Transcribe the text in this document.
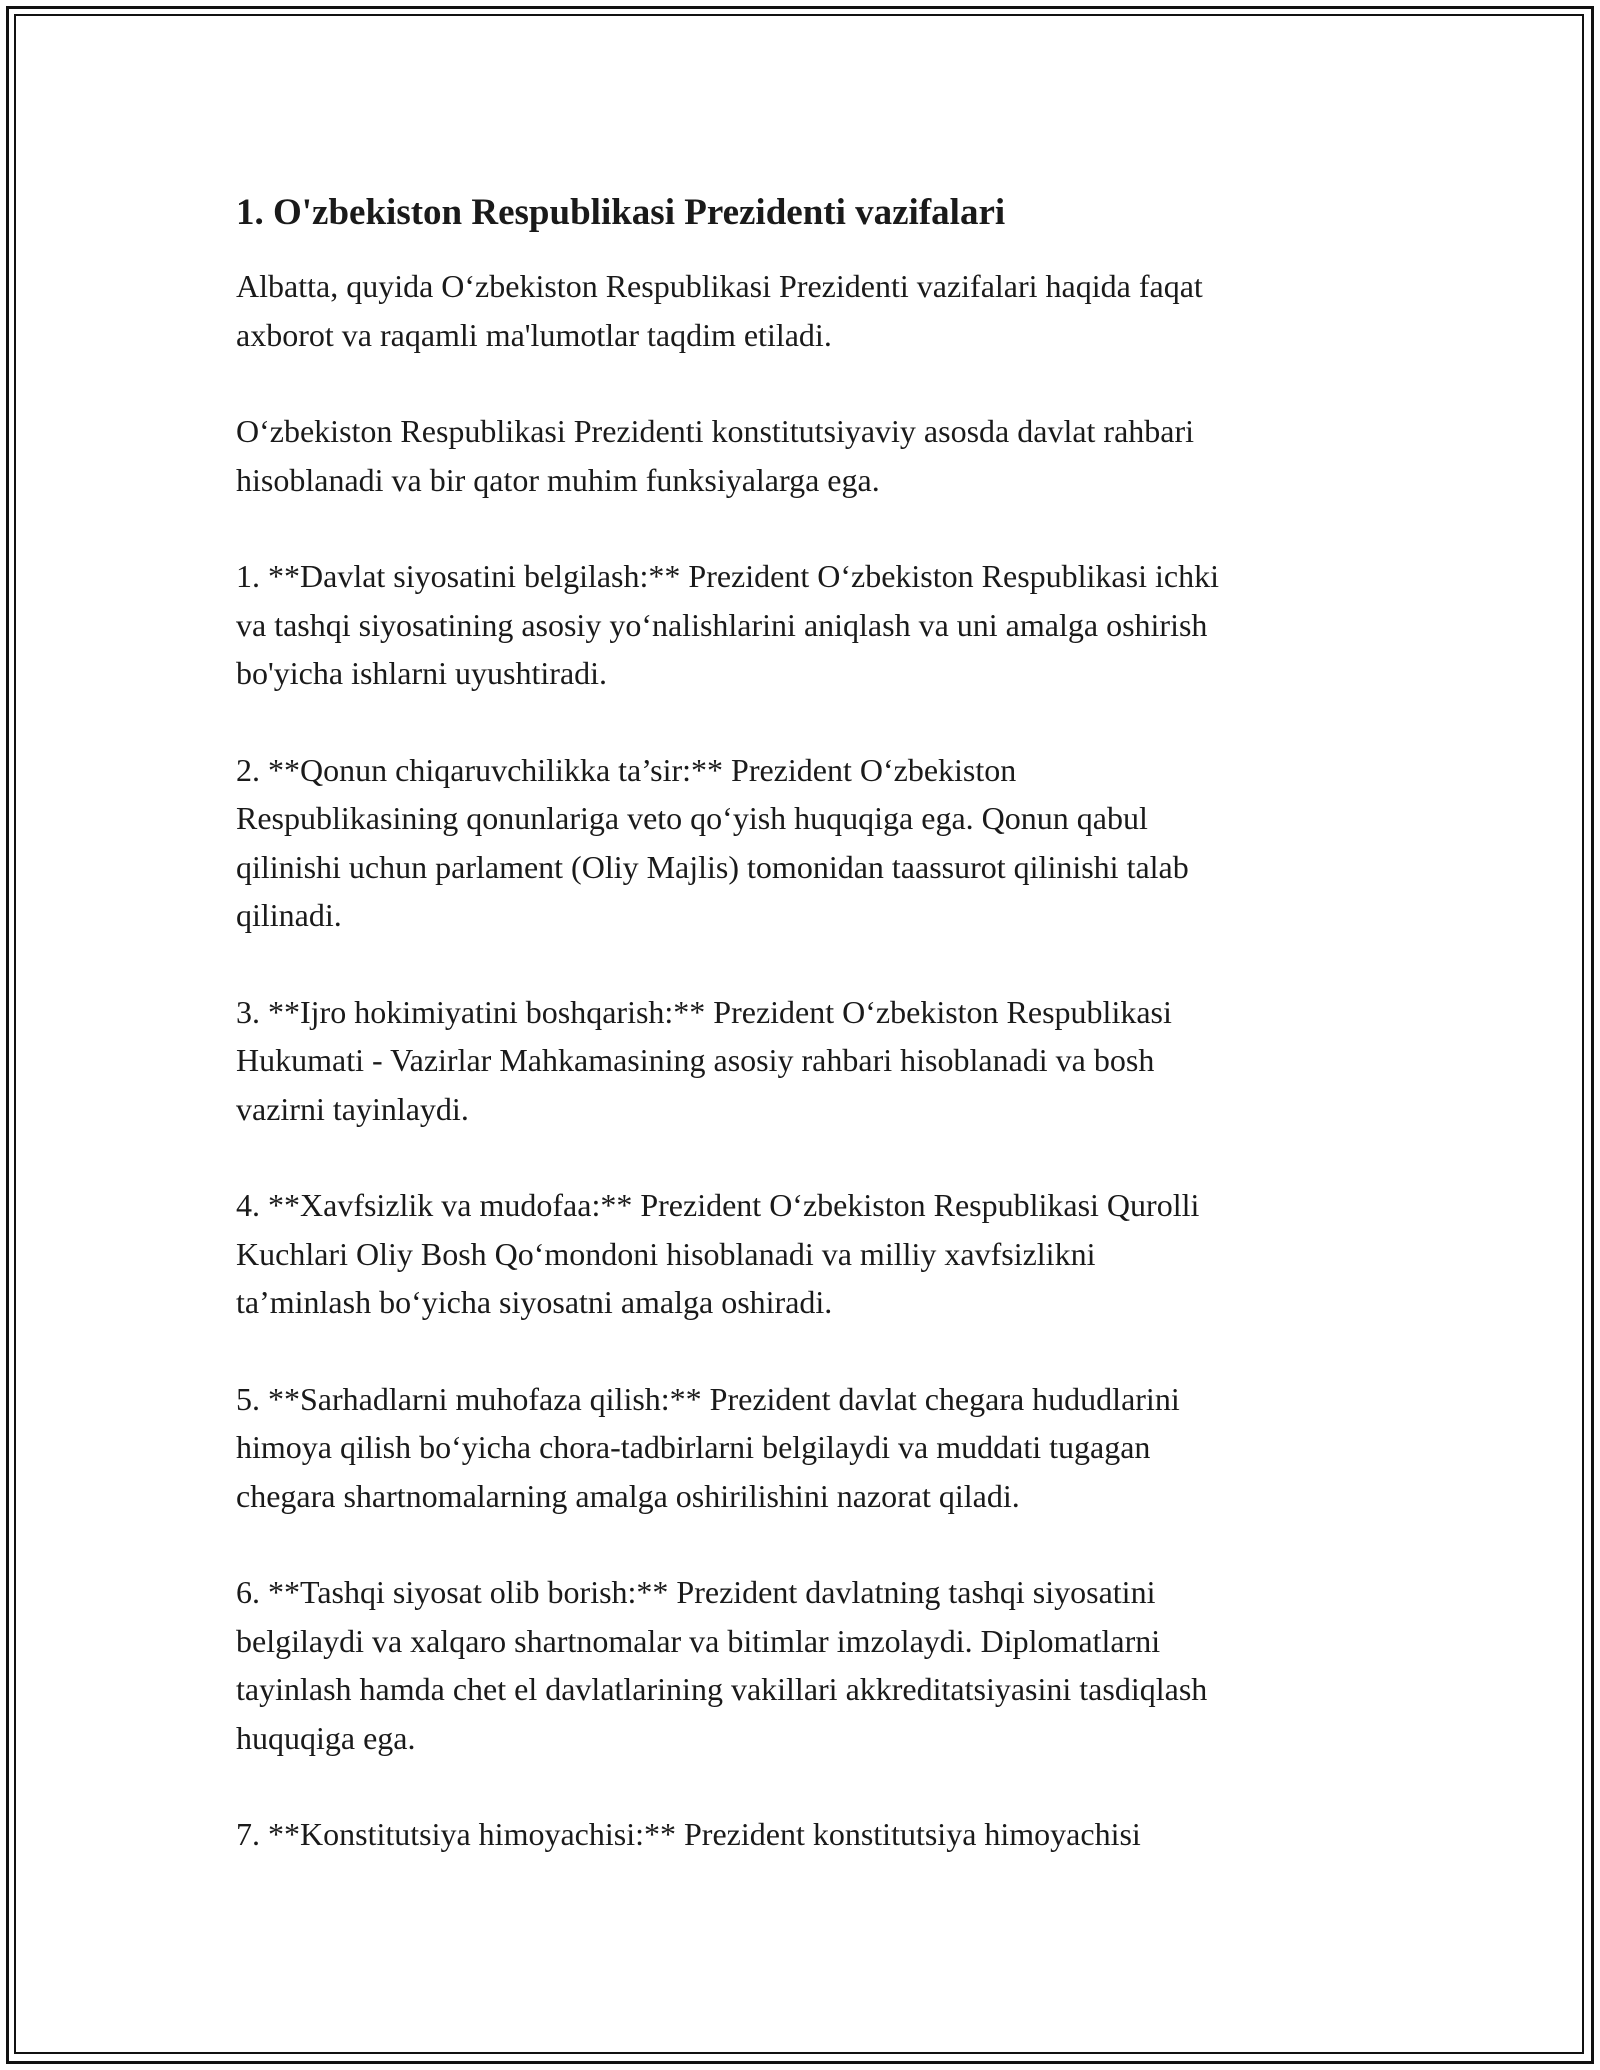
1. O'zbekiston Respublikasi Prezidenti vazifalari

Albatta, quyida O‘zbekiston Respublikasi Prezidenti vazifalari haqida faqat
axborot va raqamli ma'lumotlar taqdim etiladi.

O‘zbekiston Respublikasi Prezidenti konstitutsiyaviy asosda davlat rahbari
hisoblanadi va bir qator muhim funksiyalarga ega.

1. **Davlat siyosatini belgilash:** Prezident O‘zbekiston Respublikasi ichki
va tashqi siyosatining asosiy yo‘nalishlarini aniqlash va uni amalga oshirish
bo'yicha ishlarni uyushtiradi.

2. **Qonun chiqaruvchilikka ta’sir:** Prezident O‘zbekiston
Respublikasining qonunlariga veto qo‘yish huquqiga ega. Qonun qabul
qilinishi uchun parlament (Oliy Majlis) tomonidan taassurot qilinishi talab
qilinadi.

3. **Ijro hokimiyatini boshqarish:** Prezident O‘zbekiston Respublikasi
Hukumati - Vazirlar Mahkamasining asosiy rahbari hisoblanadi va bosh
vazirni tayinlaydi.

4. **Xavfsizlik va mudofaa:** Prezident O‘zbekiston Respublikasi Qurolli
Kuchlari Oliy Bosh Qo‘mondoni hisoblanadi va milliy xavfsizlikni
ta’minlash bo‘yicha siyosatni amalga oshiradi.

5. **Sarhadlarni muhofaza qilish:** Prezident davlat chegara hududlarini
himoya qilish bo‘yicha chora-tadbirlarni belgilaydi va muddati tugagan
chegara shartnomalarning amalga oshirilishini nazorat qiladi.

6. **Tashqi siyosat olib borish:** Prezident davlatning tashqi siyosatini
belgilaydi va xalqaro shartnomalar va bitimlar imzolaydi. Diplomatlarni
tayinlash hamda chet el davlatlarining vakillari akkreditatsiyasini tasdiqlash
huquqiga ega.

7. **Konstitutsiya himoyachisi:** Prezident konstitutsiya himoyachisi
